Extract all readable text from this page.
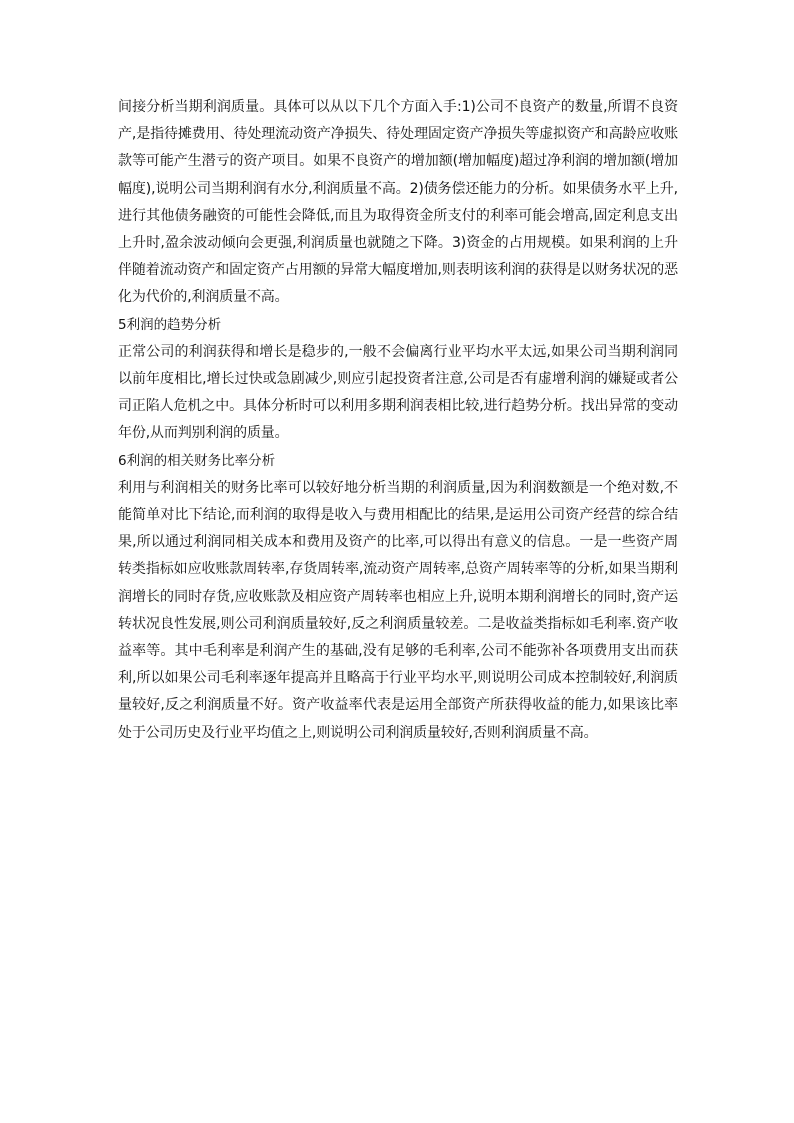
间接分析当期利润质量。具体可以从以下几个方面入手:1)公司不良资产的数量,所谓不良资产,是指待摊费用、待处理流动资产净损失、待处理固定资产净损失等虚拟资产和高龄应收账款等可能产生潜亏的资产项目。如果不良资产的增加额(增加幅度)超过净利润的增加额(增加幅度),说明公司当期利润有水分,利润质量不高。2)债务偿还能力的分析。如果债务水平上升,进行其他债务融资的可能性会降低,而且为取得资金所支付的利率可能会增高,固定利息支出上升时,盈余波动倾向会更强,利润质量也就随之下降。3)资金的占用规模。如果利润的上升伴随着流动资产和固定资产占用额的异常大幅度增加,则表明该利润的获得是以财务状况的恶化为代价的,利润质量不高。

5利润的趋势分析

正常公司的利润获得和增长是稳步的,一般不会偏离行业平均水平太远,如果公司当期利润同以前年度相比,增长过快或急剧减少,则应引起投资者注意,公司是否有虚增利润的嫌疑或者公司正陷人危机之中。具体分析时可以利用多期利润表相比较,进行趋势分析。找出异常的变动年份,从而判别利润的质量。

6利润的相关财务比率分析

利用与利润相关的财务比率可以较好地分析当期的利润质量,因为利润数额是一个绝对数,不能简单对比下结论,而利润的取得是收入与费用相配比的结果,是运用公司资产经营的综合结果,所以通过利润同相关成本和费用及资产的比率,可以得出有意义的信息。一是一些资产周转类指标如应收账款周转率,存货周转率,流动资产周转率,总资产周转率等的分析,如果当期利润增长的同时存货,应收账款及相应资产周转率也相应上升,说明本期利润增长的同时,资产运转状况良性发展,则公司利润质量较好,反之利润质量较差。二是收益类指标如毛利率.资产收益率等。其中毛利率是利润产生的基础,没有足够的毛利率,公司不能弥补各项费用支出而获利,所以如果公司毛利率逐年提高并且略高于行业平均水平,则说明公司成本控制较好,利润质量较好,反之利润质量不好。资产收益率代表是运用全部资产所获得收益的能力,如果该比率处于公司历史及行业平均值之上,则说明公司利润质量较好,否则利润质量不高。
